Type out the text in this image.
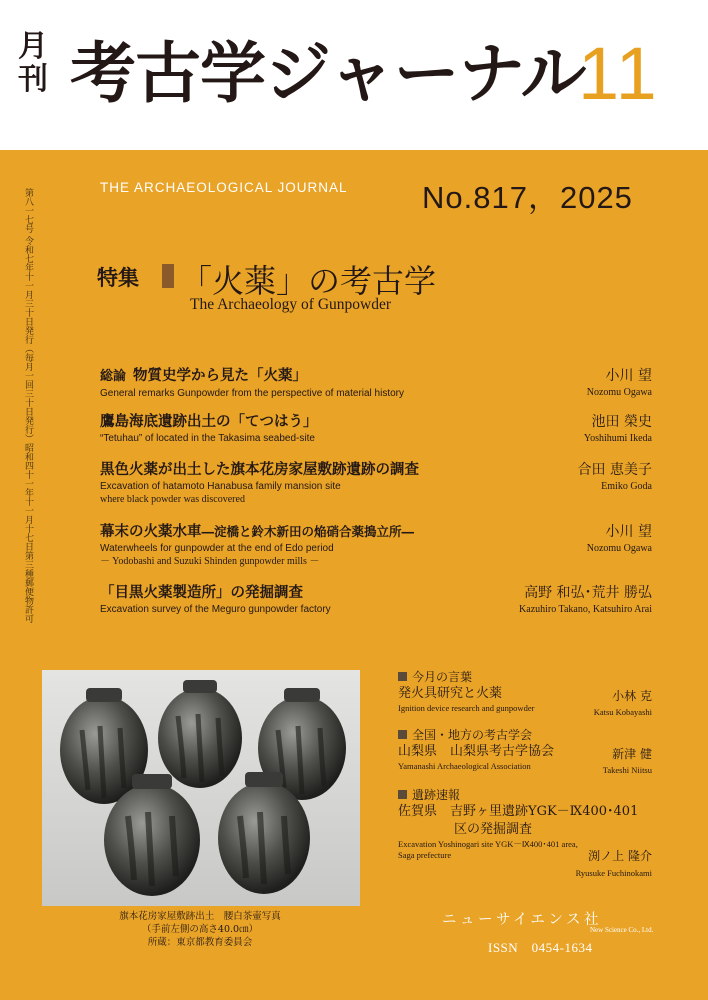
月
刊 考古学ジャーナル
11
第八一七号 令和七年十一月三十日発行（毎月一回三十日発行）昭和四十一年十一月十七日第三種郵便物許可
THE ARCHAEOLOGICAL JOURNAL No.817，2025
特集 「火薬」の考古学
The Archaeology of Gunpowder
総論 物質史学から見た「火薬」
General remarks Gunpowder from the perspective of material history
小川 望
Nozomu Ogawa
鷹島海底遺跡出土の「てつはう」
“Tetuhau” of located in the Takasima seabed-site
池田 榮史
Yoshihumi Ikeda
黒色火薬が出土した旗本花房家屋敷跡遺跡の調査
Excavation of hatamoto Hanabusa family mansion site
where black powder was discovered
合田 恵美子
Emiko Goda
幕末の火薬水車―淀橋と鈴木新田の焔硝合薬搗立所―
Waterwheels for gunpowder at the end of Edo period
－ Yodobashi and Suzuki Shinden gunpowder mills －
小川 望
Nozomu Ogawa
「目黒火薬製造所」の発掘調査
Excavation survey of the Meguro gunpowder factory
高野 和弘･荒井 勝弘
Kazuhiro Takano, Katsuhiro Arai
旗本花房家屋敷跡出土　腰白茶壷写真
（手前左側の高さ40.0㎝）
所蔵：東京都教育委員会
今月の言葉
発火具研究と火薬
Ignition device research and gunpowder
小林 克
Katsu Kobayashi
全国・地方の考古学会
山梨県　山梨県考古学協会
Yamanashi Archaeological Association
新津 健
Takeshi Niitsu
遺跡速報
佐賀県　吉野ヶ里遺跡YGK－Ⅸ400･401
区の発掘調査
Excavation Yoshinogari site YGK－Ⅸ400･401 area,
Saga prefecture	渕ノ上 隆介
Ryusuke Fuchinokami
ニューサイエンス社
New Science Co., Ltd.
ISSN　0454-1634
